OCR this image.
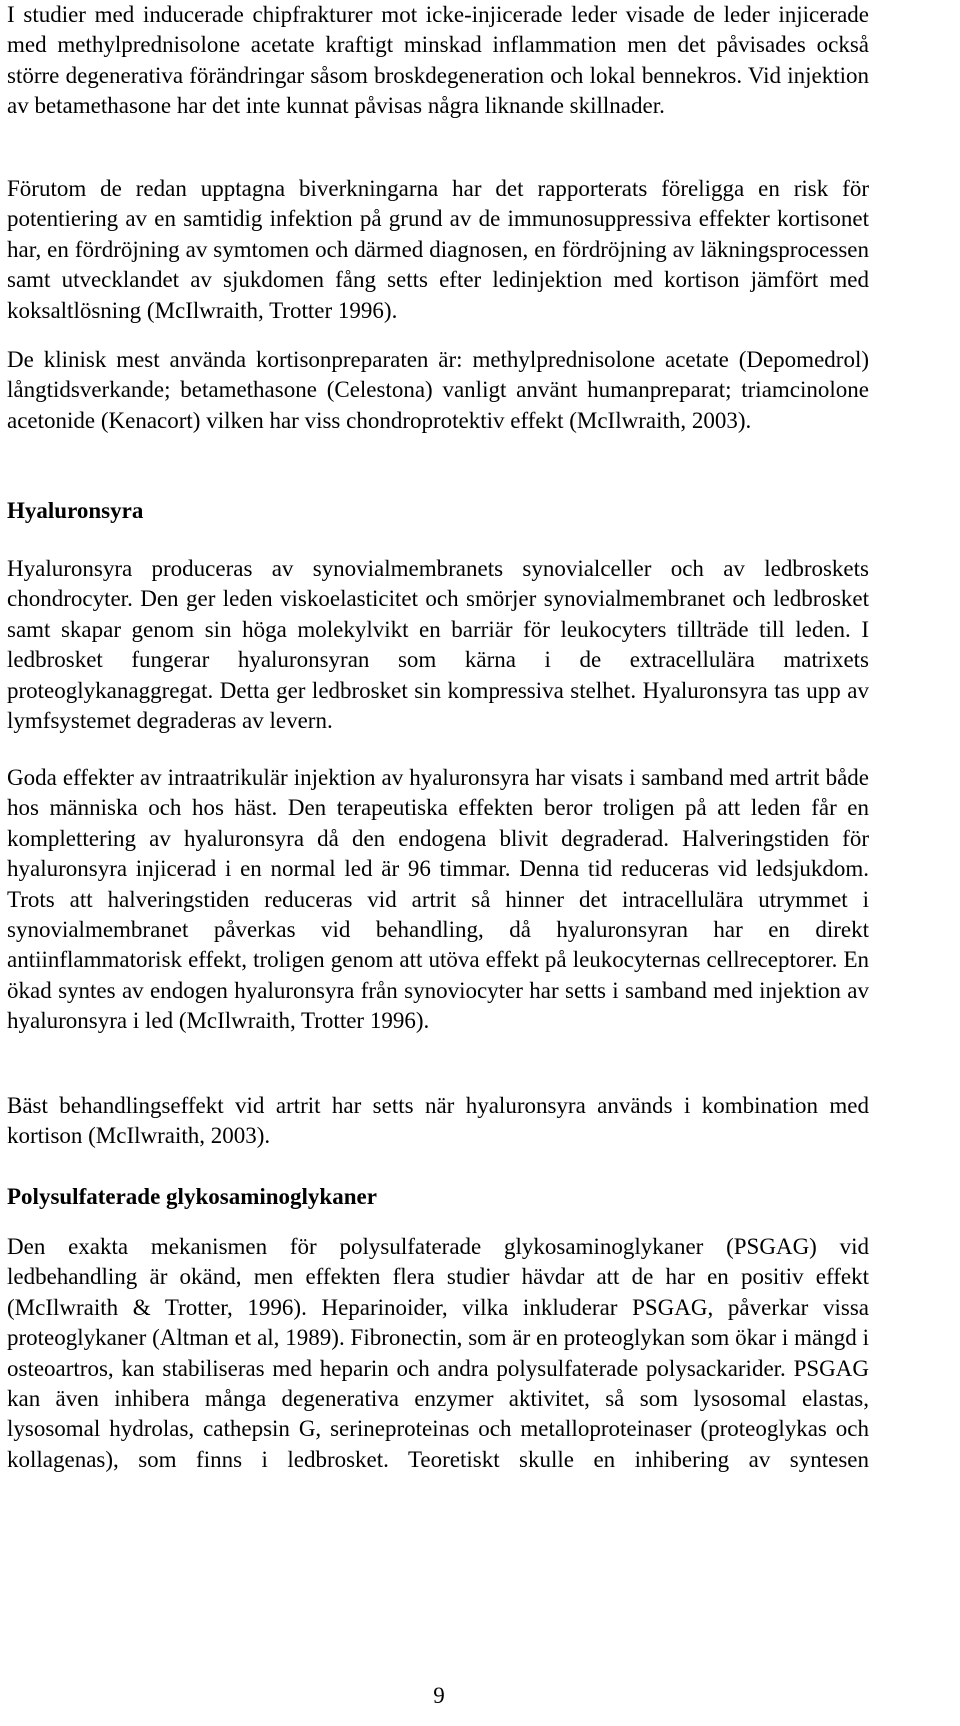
I studier med inducerade chipfrakturer mot icke-injicerade leder visade de leder injicerade med methylprednisolone acetate kraftigt minskad inflammation men det påvisades också större degenerativa förändringar såsom broskdegeneration och lokal bennekros. Vid injektion av betamethasone har det inte kunnat påvisas några liknande skillnader.

Förutom de redan upptagna biverkningarna har det rapporterats föreligga en risk för potentiering av en samtidig infektion på grund av de immunosuppressiva effekter kortisonet har, en fördröjning av symtomen och därmed diagnosen, en fördröjning av läkningsprocessen samt utvecklandet av sjukdomen fång setts efter ledinjektion med kortison jämfört med koksaltlösning (McIlwraith, Trotter 1996).

De klinisk mest använda kortisonpreparaten är: methylprednisolone acetate (Depomedrol) långtidsverkande; betamethasone (Celestona) vanligt använt humanpreparat; triamcinolone acetonide (Kenacort) vilken har viss chondroprotektiv effekt (McIlwraith, 2003).

Hyaluronsyra

Hyaluronsyra produceras av synovialmembranets synovialceller och av ledbroskets chondrocyter. Den ger leden viskoelasticitet och smörjer synovialmembranet och ledbrosket samt skapar genom sin höga molekylvikt en barriär för leukocyters tillträde till leden. I ledbrosket fungerar hyaluronsyran som kärna i de extracellulära matrixets proteoglykanaggregat. Detta ger ledbrosket sin kompressiva stelhet. Hyaluronsyra tas upp av lymfsystemet degraderas av levern.

Goda effekter av intraatrikulär injektion av hyaluronsyra har visats i samband med artrit både hos människa och hos häst. Den terapeutiska effekten beror troligen på att leden får en komplettering av hyaluronsyra då den endogena blivit degraderad. Halveringstiden för hyaluronsyra injicerad i en normal led är 96 timmar. Denna tid reduceras vid ledsjukdom. Trots att halveringstiden reduceras vid artrit så hinner det intracellulära utrymmet i synovialmembranet påverkas vid behandling, då hyaluronsyran har en direkt antiinflammatorisk effekt, troligen genom att utöva effekt på leukocyternas cellreceptorer. En ökad syntes av endogen hyaluronsyra från synoviocyter har setts i samband med injektion av hyaluronsyra i led (McIlwraith, Trotter 1996).

Bäst behandlingseffekt vid artrit har setts när hyaluronsyra används i kombination med kortison (McIlwraith, 2003).

Polysulfaterade glykosaminoglykaner

Den exakta mekanismen för polysulfaterade glykosaminoglykaner (PSGAG) vid ledbehandling är okänd, men effekten flera studier hävdar att de har en positiv effekt (McIlwraith & Trotter, 1996). Heparinoider, vilka inkluderar PSGAG, påverkar vissa proteoglykaner (Altman et al, 1989). Fibronectin, som är en proteoglykan som ökar i mängd i osteoartros, kan stabiliseras med heparin och andra polysulfaterade polysackarider. PSGAG kan även inhibera många degenerativa enzymer aktivitet, så som lysosomal elastas, lysosomal hydrolas, cathepsin G, serineproteinas och metalloproteinaser (proteoglykas och kollagenas), som finns i ledbrosket. Teoretiskt skulle en inhibering av syntesen

9
